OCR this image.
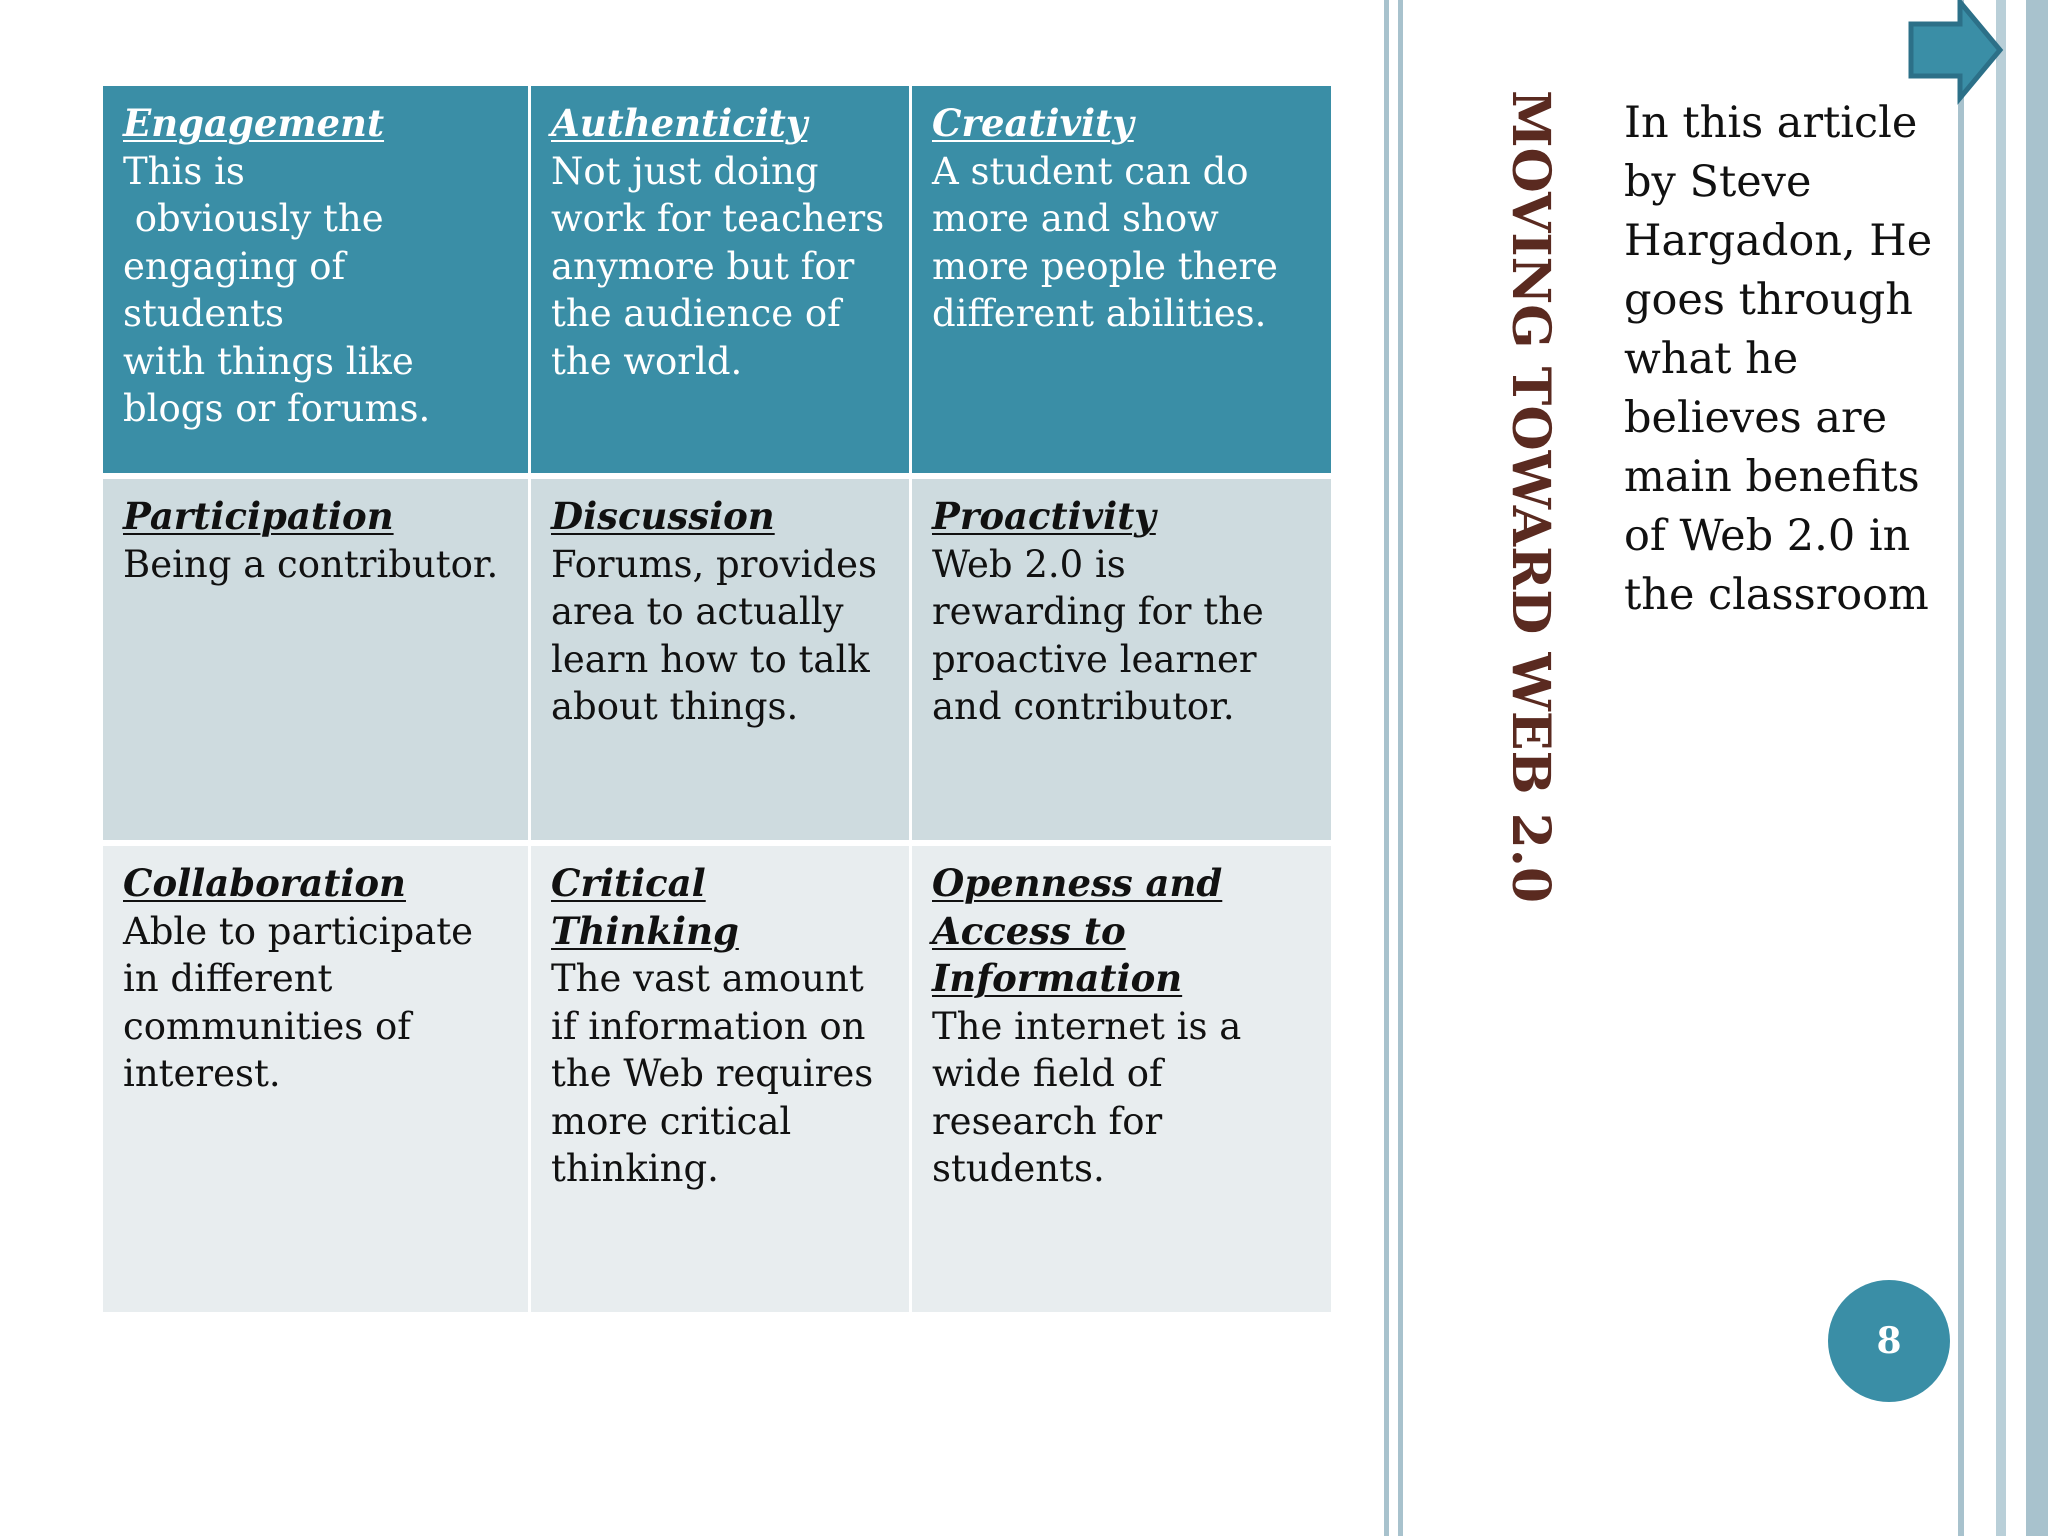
Engagement
This is
obviously the
engaging of students
with things like
blogs or forums.
Authenticity
Not just doing
work for teachers
anymore but for
the audience of
the world.
Creativity
A student can do
more and show
more people there
different abilities.
Participation
Being a contributor.
Discussion
Forums, provides
area to actually
learn how to talk
about things.
Proactivity
Web 2.0 is
rewarding for the
proactive learner
and contributor.
Collaboration
Able to participate
in different
communities of
interest.
Critical
Thinking
The vast amount
if information on
the Web requires
more critical
thinking.
Openness and
Access to
Information
The internet is a
wide field of
research for
students.
MOVING TOWARD WEB 2.0 In this article
by Steve
Hargadon, He
goes through
what he
believes are
main benefits
of Web 2.0 in
the classroom
8
